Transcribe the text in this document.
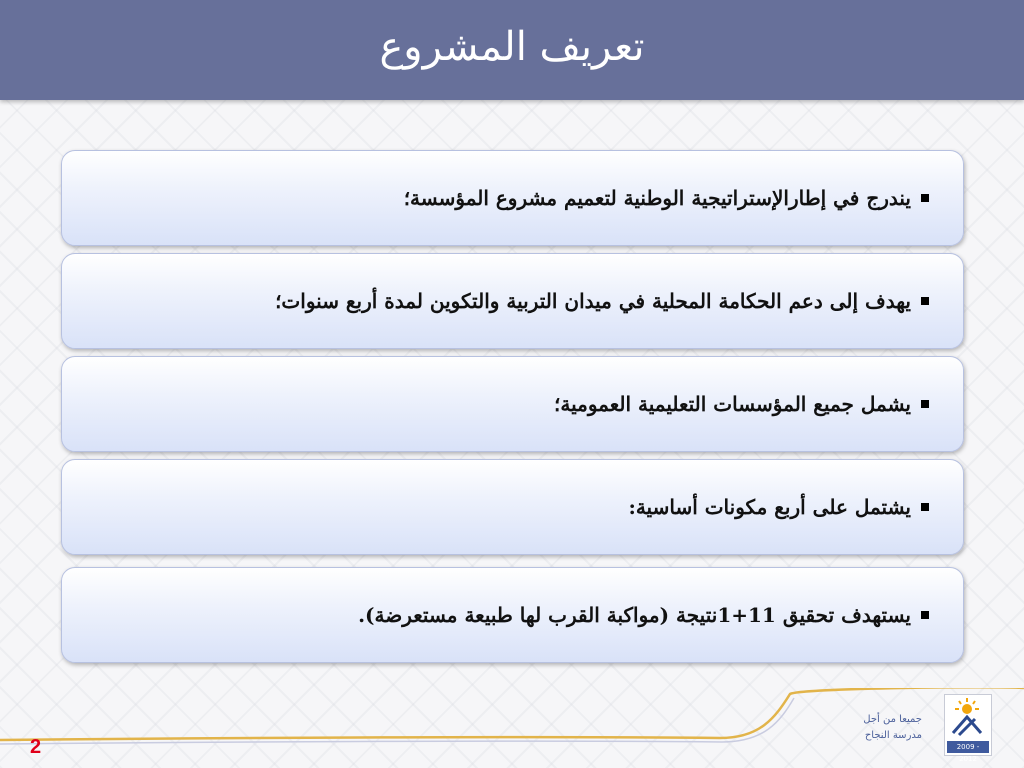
تعريف المشروع
يندرج في إطارالإستراتيجية الوطنية لتعميم مشروع المؤسسة؛
يهدف إلى دعم الحكامة المحلية في ميدان التربية والتكوين لمدة أربع سنوات؛
يشمل جميع المؤسسات التعليمية العمومية؛
يشتمل على أربع مكونات أساسية:
يستهدف تحقيق 11+1نتيجة (مواكبة القرب لها طبيعة مستعرضة).
2
جميعا من أجل
مدرسة النجاح
2009 - 2012
